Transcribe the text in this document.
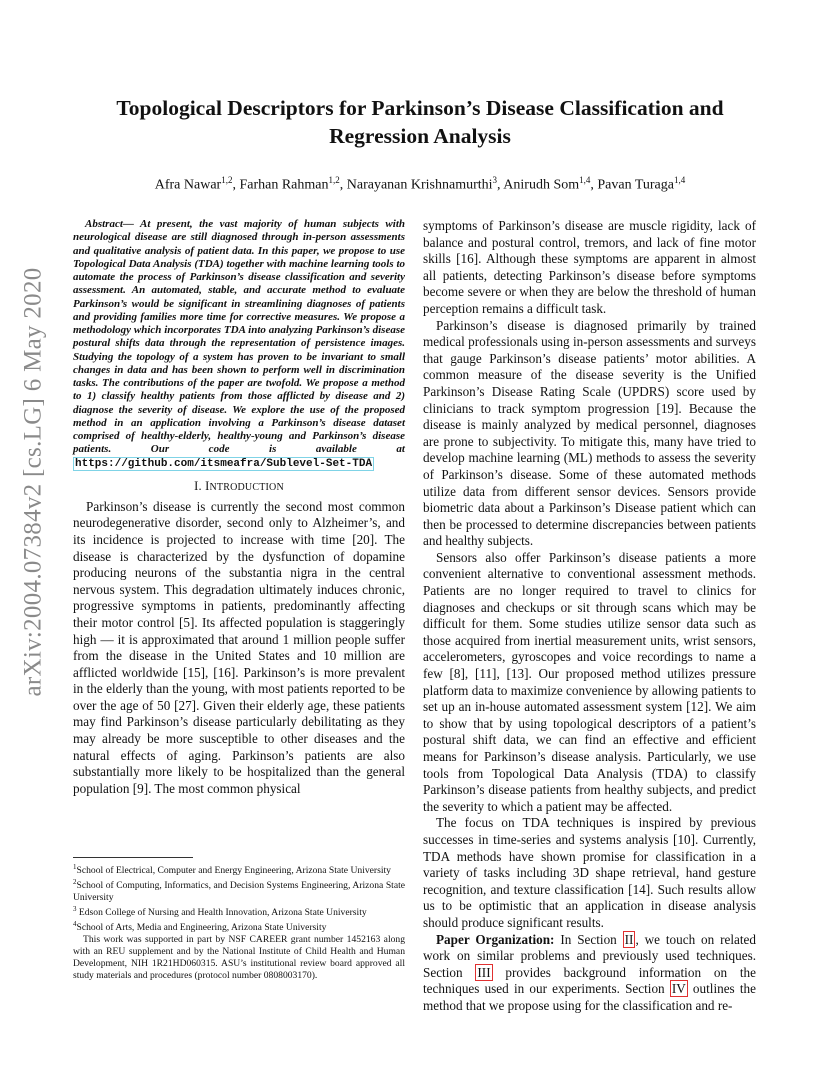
arXiv:2004.07384v2 [cs.LG] 6 May 2020
Topological Descriptors for Parkinson’s Disease Classification and Regression Analysis
Afra Nawar$^{1,2}$, Farhan Rahman$^{1,2}$, Narayanan Krishnamurthi$^3$, Anirudh Som$^{1,4}$, Pavan Turaga$^{1,4}$

Abstract— At present, the vast majority of human subjects with neurological disease are still diagnosed through in-person assessments and qualitative analysis of patient data. In this paper, we propose to use Topological Data Analysis (TDA) together with machine learning tools to automate the process of Parkinson’s disease classification and severity assessment. An automated, stable, and accurate method to evaluate Parkinson’s would be significant in streamlining diagnoses of patients and providing families more time for corrective measures. We propose a methodology which incorporates TDA into analyzing Parkinson’s disease postural shifts data through the representation of persistence images. Studying the topology of a system has proven to be invariant to small changes in data and has been shown to perform well in discrimination tasks. The contributions of the paper are twofold. We propose a method to 1) classify healthy patients from those afflicted by disease and 2) diagnose the severity of disease. We explore the use of the proposed method in an application involving a Parkinson’s disease dataset comprised of healthy-elderly, healthy-young and Parkinson’s disease patients. Our code is available at https://github.com/itsmeafra/Sublevel-Set-TDA

I. INTRODUCTION

Parkinson’s disease is currently the second most common neurodegenerative disorder, second only to Alzheimer’s, and its incidence is projected to increase with time [20]. The disease is characterized by the dysfunction of dopamine producing neurons of the substantia nigra in the central nervous system. This degradation ultimately induces chronic, progressive symptoms in patients, predominantly affecting their motor control [5]. Its affected population is staggeringly high — it is approximated that around 1 million people suffer from the disease in the United States and 10 million are afflicted worldwide [15], [16]. Parkinson’s is more prevalent in the elderly than the young, with most patients reported to be over the age of 50 [27]. Given their elderly age, these patients may find Parkinson’s disease particularly debilitating as they may already be more susceptible to other diseases and the natural effects of aging. Parkinson’s patients are also substantially more likely to be hospitalized than the general population [9]. The most common physical

$^1$School of Electrical, Computer and Energy Engineering, Arizona State University

$^2$School of Computing, Informatics, and Decision Systems Engineering, Arizona State University

$^3$ Edson College of Nursing and Health Innovation, Arizona State University

$^4$School of Arts, Media and Engineering, Arizona State University

This work was supported in part by NSF CAREER grant number 1452163 along with an REU supplement and by the National Institute of Child Health and Human Development, NIH 1R21HD060315. ASU’s institutional review board approved all study materials and procedures (protocol number 0808003170).

symptoms of Parkinson’s disease are muscle rigidity, lack of balance and postural control, tremors, and lack of fine motor skills [16]. Although these symptoms are apparent in almost all patients, detecting Parkinson’s disease before symptoms become severe or when they are below the threshold of human perception remains a difficult task.

Parkinson’s disease is diagnosed primarily by trained medical professionals using in-person assessments and surveys that gauge Parkinson’s disease patients’ motor abilities. A common measure of the disease severity is the Unified Parkinson’s Disease Rating Scale (UPDRS) score used by clinicians to track symptom progression [19]. Because the disease is mainly analyzed by medical personnel, diagnoses are prone to subjectivity. To mitigate this, many have tried to develop machine learning (ML) methods to assess the severity of Parkinson’s disease. Some of these automated methods utilize data from different sensor devices. Sensors provide biometric data about a Parkinson’s Disease patient which can then be processed to determine discrepancies between patients and healthy subjects.

Sensors also offer Parkinson’s disease patients a more convenient alternative to conventional assessment methods. Patients are no longer required to travel to clinics for diagnoses and checkups or sit through scans which may be difficult for them. Some studies utilize sensor data such as those acquired from inertial measurement units, wrist sensors, accelerometers, gyroscopes and voice recordings to name a few [8], [11], [13]. Our proposed method utilizes pressure platform data to maximize convenience by allowing patients to set up an in-house automated assessment system [12]. We aim to show that by using topological descriptors of a patient’s postural shift data, we can find an effective and efficient means for Parkinson’s disease analysis. Particularly, we use tools from Topological Data Analysis (TDA) to classify Parkinson’s disease patients from healthy subjects, and predict the severity to which a patient may be affected.

The focus on TDA techniques is inspired by previous successes in time-series and systems analysis [10]. Currently, TDA methods have shown promise for classification in a variety of tasks including 3D shape retrieval, hand gesture recognition, and texture classification [14]. Such results allow us to be optimistic that an application in disease analysis should produce significant results.

Paper Organization: In Section II , we touch on related work on similar problems and previously used techniques. Section III provides background information on the techniques used in our experiments. Section IV outlines the method that we propose using for the classification and re-
